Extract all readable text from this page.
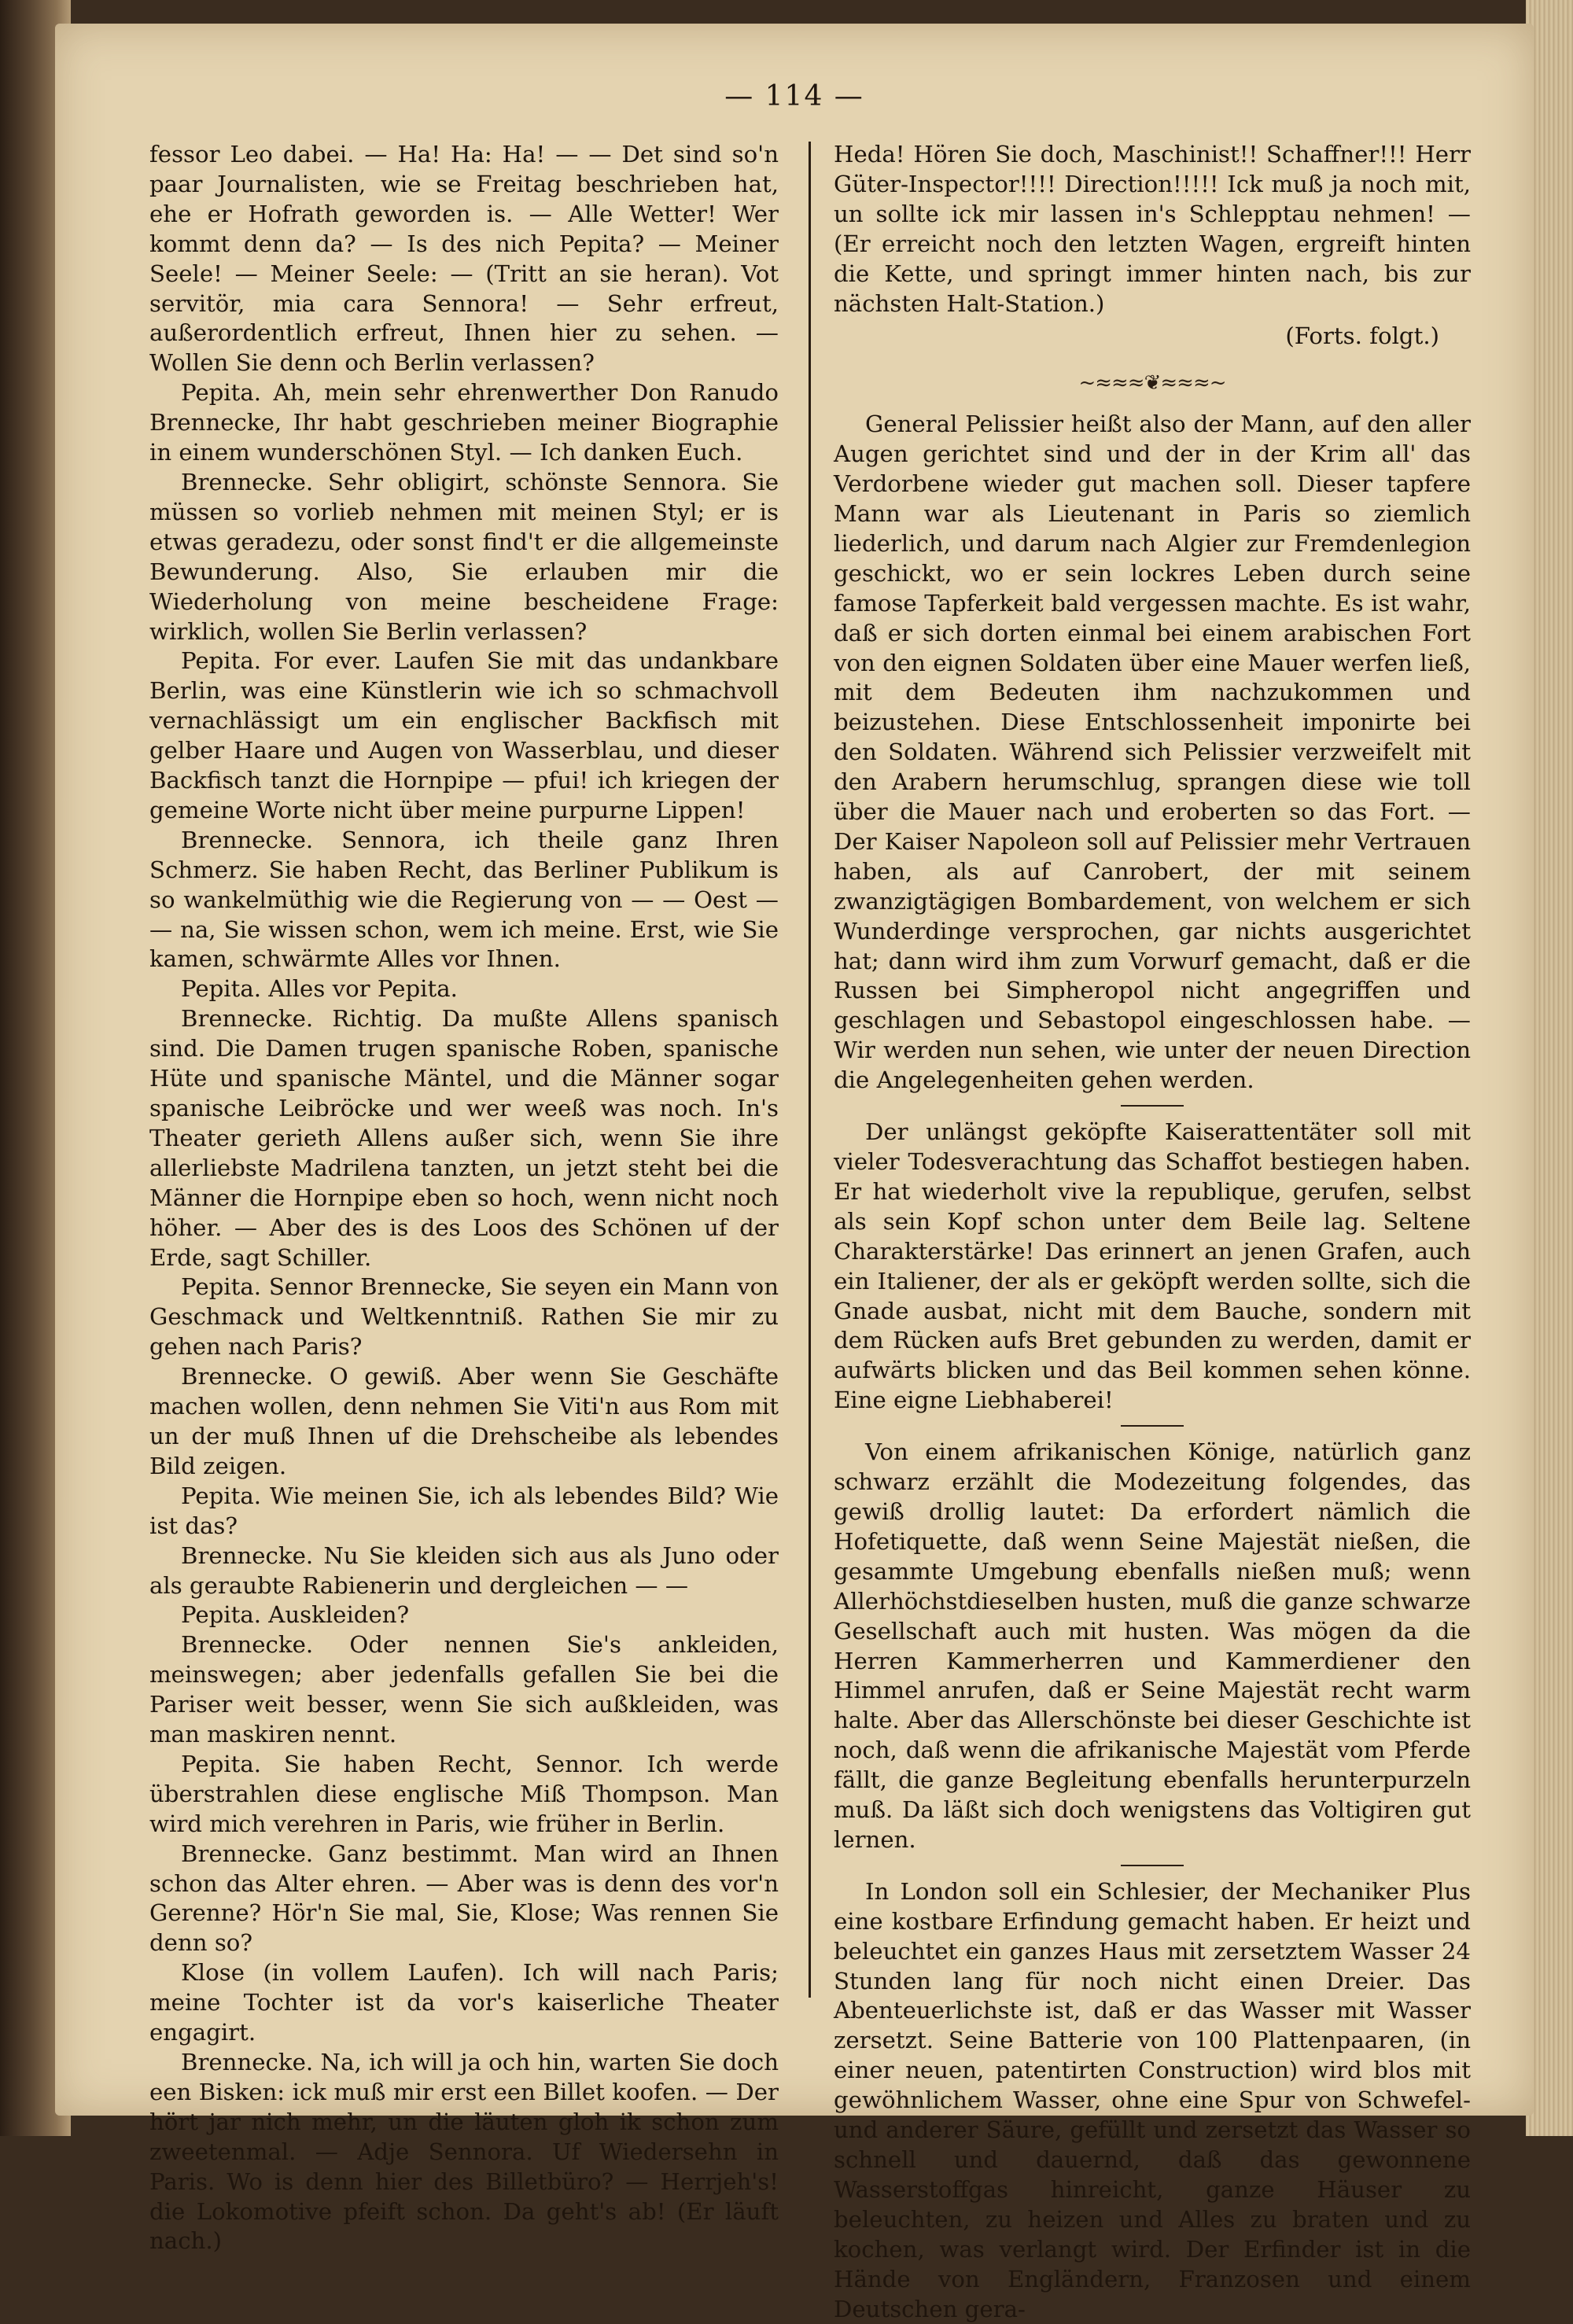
— 114 —

fessor Leo dabei. — Ha! Ha: Ha! — — Det sind so'n paar Journalisten, wie se Freitag beschrieben hat, ehe er Hofrath geworden is. — Alle Wetter! Wer kommt denn da? — Is des nich Pepita? — Meiner Seele! — Meiner Seele: — (Tritt an sie heran). Vot servitör, mia cara Sennora! — Sehr erfreut, außerordentlich erfreut, Ihnen hier zu sehen. — Wollen Sie denn och Berlin verlassen?

Pepita. Ah, mein sehr ehrenwerther Don Ranudo Brennecke, Ihr habt geschrieben meiner Biographie in einem wunderschönen Styl. — Ich danken Euch.

Brennecke. Sehr obligirt, schönste Sennora. Sie müssen so vorlieb nehmen mit meinen Styl; er is etwas geradezu, oder sonst find't er die allgemeinste Bewunderung. Also, Sie erlauben mir die Wiederholung von meine bescheidene Frage: wirklich, wollen Sie Berlin verlassen?

Pepita. For ever. Laufen Sie mit das undankbare Berlin, was eine Künstlerin wie ich so schmachvoll vernachlässigt um ein englischer Backfisch mit gelber Haare und Augen von Wasserblau, und dieser Backfisch tanzt die Hornpipe — pfui! ich kriegen der gemeine Worte nicht über meine purpurne Lippen!

Brennecke. Sennora, ich theile ganz Ihren Schmerz. Sie haben Recht, das Berliner Publikum is so wankelmüthig wie die Regierung von — — Oest — — na, Sie wissen schon, wem ich meine. Erst, wie Sie kamen, schwärmte Alles vor Ihnen.

Pepita. Alles vor Pepita.

Brennecke. Richtig. Da mußte Allens spanisch sind. Die Damen trugen spanische Roben, spanische Hüte und spanische Mäntel, und die Männer sogar spanische Leibröcke und wer weeß was noch. In's Theater gerieth Allens außer sich, wenn Sie ihre allerliebste Madrilena tanzten, un jetzt steht bei die Männer die Hornpipe eben so hoch, wenn nicht noch höher. — Aber des is des Loos des Schönen uf der Erde, sagt Schiller.

Pepita. Sennor Brennecke, Sie seyen ein Mann von Geschmack und Weltkenntniß. Rathen Sie mir zu gehen nach Paris?

Brennecke. O gewiß. Aber wenn Sie Geschäfte machen wollen, denn nehmen Sie Viti'n aus Rom mit un der muß Ihnen uf die Drehscheibe als lebendes Bild zeigen.

Pepita. Wie meinen Sie, ich als lebendes Bild? Wie ist das?

Brennecke. Nu Sie kleiden sich aus als Juno oder als geraubte Rabienerin und dergleichen — —

Pepita. Auskleiden?

Brennecke. Oder nennen Sie's ankleiden, meinswegen; aber jedenfalls gefallen Sie bei die Pariser weit besser, wenn Sie sich außkleiden, was man maskiren nennt.

Pepita. Sie haben Recht, Sennor. Ich werde überstrahlen diese englische Miß Thompson. Man wird mich verehren in Paris, wie früher in Berlin.

Brennecke. Ganz bestimmt. Man wird an Ihnen schon das Alter ehren. — Aber was is denn des vor'n Gerenne? Hör'n Sie mal, Sie, Klose; Was rennen Sie denn so?

Klose (in vollem Laufen). Ich will nach Paris; meine Tochter ist da vor's kaiserliche Theater engagirt.

Brennecke. Na, ich will ja och hin, warten Sie doch een Bisken: ick muß mir erst een Billet koofen. — Der hört jar nich mehr, un die läuten gloh ik schon zum zweetenmal. — Adje Sennora. Uf Wiedersehn in Paris. Wo is denn hier des Billetbüro? — Herrjeh's! die Lokomotive pfeift schon. Da geht's ab! (Er läuft nach.)

Heda! Hören Sie doch, Maschinist!! Schaffner!!! Herr Güter-Inspector!!!! Direction!!!!! Ick muß ja noch mit, un sollte ick mir lassen in's Schlepptau nehmen! — (Er erreicht noch den letzten Wagen, ergreift hinten die Kette, und springt immer hinten nach, bis zur nächsten Halt-Station.)

(Forts. folgt.)

~≈≈≈❦≈≈≈~

General Pelissier heißt also der Mann, auf den aller Augen gerichtet sind und der in der Krim all' das Verdorbene wieder gut machen soll. Dieser tapfere Mann war als Lieutenant in Paris so ziemlich liederlich, und darum nach Algier zur Fremdenlegion geschickt, wo er sein lockres Leben durch seine famose Tapferkeit bald vergessen machte. Es ist wahr, daß er sich dorten einmal bei einem arabischen Fort von den eignen Soldaten über eine Mauer werfen ließ, mit dem Bedeuten ihm nachzukommen und beizustehen. Diese Entschlossenheit imponirte bei den Soldaten. Während sich Pelissier verzweifelt mit den Arabern herumschlug, sprangen diese wie toll über die Mauer nach und eroberten so das Fort. — Der Kaiser Napoleon soll auf Pelissier mehr Vertrauen haben, als auf Canrobert, der mit seinem zwanzigtägigen Bombardement, von welchem er sich Wunderdinge versprochen, gar nichts ausgerichtet hat; dann wird ihm zum Vorwurf gemacht, daß er die Russen bei Simpheropol nicht angegriffen und geschlagen und Sebastopol eingeschlossen habe. — Wir werden nun sehen, wie unter der neuen Direction die Angelegenheiten gehen werden.

Der unlängst geköpfte Kaiserattentäter soll mit vieler Todesverachtung das Schaffot bestiegen haben. Er hat wiederholt vive la republique, gerufen, selbst als sein Kopf schon unter dem Beile lag. Seltene Charakterstärke! Das erinnert an jenen Grafen, auch ein Italiener, der als er geköpft werden sollte, sich die Gnade ausbat, nicht mit dem Bauche, sondern mit dem Rücken aufs Bret gebunden zu werden, damit er aufwärts blicken und das Beil kommen sehen könne. Eine eigne Liebhaberei!

Von einem afrikanischen Könige, natürlich ganz schwarz erzählt die Modezeitung folgendes, das gewiß drollig lautet: Da erfordert nämlich die Hofetiquette, daß wenn Seine Majestät nießen, die gesammte Umgebung ebenfalls nießen muß; wenn Allerhöchstdieselben husten, muß die ganze schwarze Gesellschaft auch mit husten. Was mögen da die Herren Kammerherren und Kammerdiener den Himmel anrufen, daß er Seine Majestät recht warm halte. Aber das Allerschönste bei dieser Geschichte ist noch, daß wenn die afrikanische Majestät vom Pferde fällt, die ganze Begleitung ebenfalls herunterpurzeln muß. Da läßt sich doch wenigstens das Voltigiren gut lernen.

In London soll ein Schlesier, der Mechaniker Plus eine kostbare Erfindung gemacht haben. Er heizt und beleuchtet ein ganzes Haus mit zersetztem Wasser 24 Stunden lang für noch nicht einen Dreier. Das Abenteuerlichste ist, daß er das Wasser mit Wasser zersetzt. Seine Batterie von 100 Plattenpaaren, (in einer neuen, patentirten Construction) wird blos mit gewöhnlichem Wasser, ohne eine Spur von Schwefel- und anderer Säure, gefüllt und zersetzt das Wasser so schnell und dauernd, daß das gewonnene Wasserstoffgas hinreicht, ganze Häuser zu beleuchten, zu heizen und Alles zu braten und zu kochen, was verlangt wird. Der Erfinder ist in die Hände von Engländern, Franzosen und einem Deutschen gera-
